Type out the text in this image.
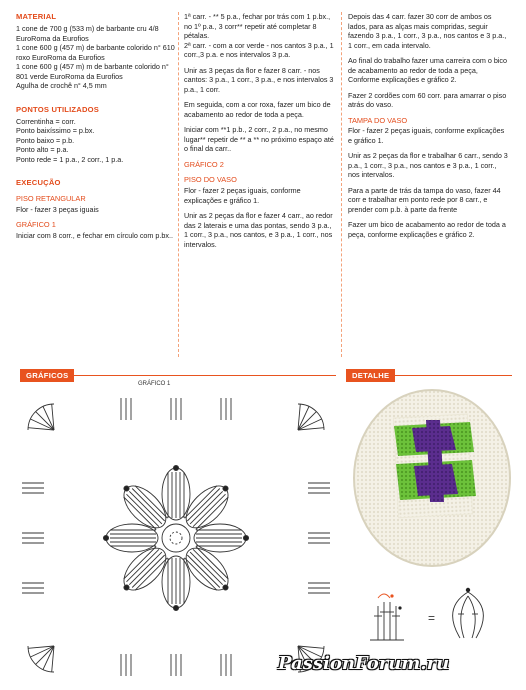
MATERIAL

1 cone de 700 g (533 m) de barbante cru 4/8 EuroRoma da Eurofios
1 cone 600 g (457 m) de barbante colorido n° 610 roxo EuroRoma da Eurofios
1 cone 600 g (457 m) m de barbante colorido n° 801 verde EuroRoma da Eurofios
Agulha de crochê n° 4,5 mm

PONTOS UTILIZADOS

Correntinha = corr.
Ponto baixíssimo = p.bx.
Ponto baixo = p.b.
Ponto alto = p.a.
Ponto rede = 1 p.a., 2 corr., 1 p.a.

EXECUÇÃO
PISO RETANGULAR

Flor - fazer 3 peças iguais

GRÁFICO 1

Iniciar com 8 corr., e fechar em círculo com p.bx..

1ª carr. - ** 5 p.a., fechar por trás com 1 p.bx., no 1º p.a., 3 corr** repetir até completar 8 pétalas.
2ª carr. - com a cor verde - nos cantos 3 p.a., 1 corr.,3 p.a. e nos intervalos 3 p.a.

Unir as 3 peças da flor e fazer 8 carr. - nos cantos: 3 p.a., 1 corr., 3 p.a., e nos intervalos 3 p.a., 1 corr.

Em seguida, com a cor roxa, fazer um bico de acabamento ao redor de toda a peça.

Iniciar com **1 p.b., 2 corr., 2 p.a., no mesmo lugar** repetir de ** a ** no próximo espaço até o final da carr..

GRÁFICO 2
PISO DO VASO

Flor - fazer 2 peças iguais, conforme explicações e gráfico 1.

Unir as 2 peças da flor e fazer 4 carr., ao redor das 2 laterais e uma das pontas, sendo 3 p.a., 1 corr., 3 p.a., nos cantos, e 3 p.a., 1 corr., nos intervalos.

Depois das 4 carr. fazer 30 corr de ambos os lados, para as alças mais compridas, seguir fazendo 3 p.a., 1 corr., 3 p.a., nos cantos e 3 p.a., 1 corr., em cada intervalo.

Ao final do trabalho fazer uma carreira com o bico de acabamento ao redor de toda a peça,
Conforme explicações e gráfico 2.

Fazer 2 cordões com 60 corr. para amarrar o piso atrás do vaso.

TAMPA DO VASO

Flor - fazer 2 peças iguais, conforme explicações e gráfico 1.

Unir as 2 peças da flor e trabalhar 6 carr., sendo 3 p.a., 1 corr., 3 p.a., nos cantos e 3 p.a., 1 corr., nos intervalos.

Para a parte de trás da tampa do vaso, fazer 44 corr e trabalhar em ponto rede por 8 carr., e prender com p.b. à parte da frente

Fazer um bico de acabamento ao redor de toda a peça, conforme explicações e gráfico 2.

GRÁFICOS	DETALHE
GRÁFICO 1
=
PassionForum.ru
